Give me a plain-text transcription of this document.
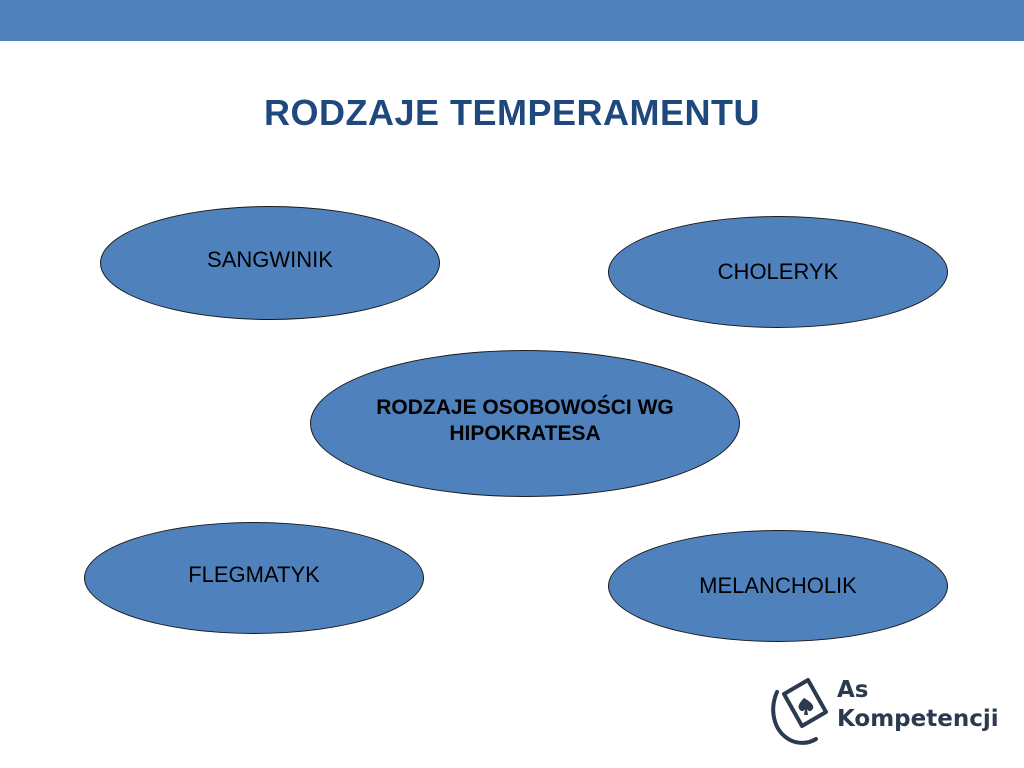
RODZAJE TEMPERAMENTU
SANGWINIK	CHOLERYK
RODZAJE OSOBOWOŚCI WG HIPOKRATESA
FLEGMATYK	MELANCHOLIK
As
Kompetencji
